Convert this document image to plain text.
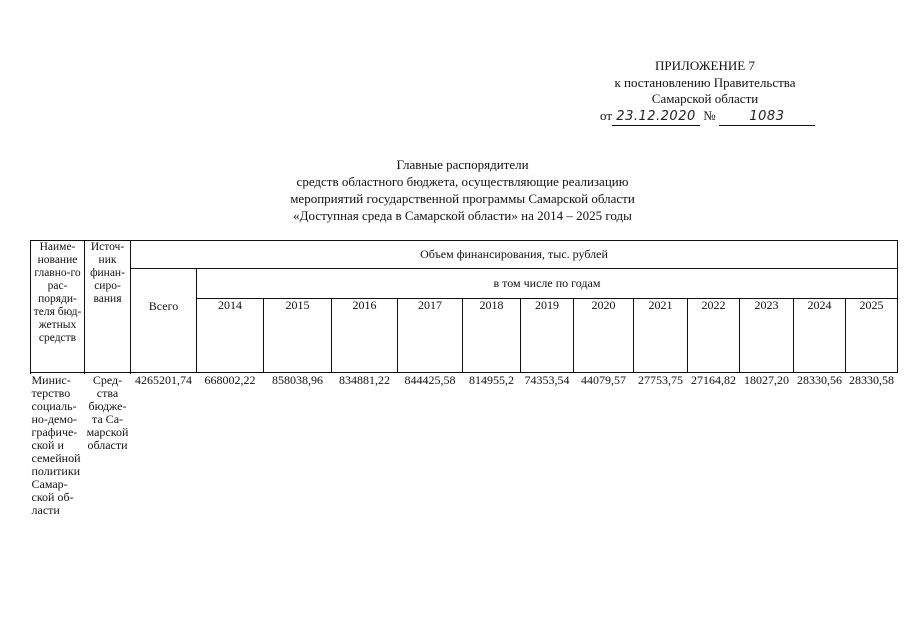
ПРИЛОЖЕНИЕ 7
к постановлению Правительства
Самарской области
от 23.12.2020 №	1083
Главные распорядители
средств областного бюджета, осуществляющие реализацию
мероприятий государственной программы Самарской области
«Доступная среда в Самарской области» на 2014 – 2025 годы
Наиме-нование главно-го рас-поряди-теля бюд-жетных средств	Источ-ник финан-сиро-вания	Объем финансирования, тыс. рублей												
		Всего	в том числе по годам											
			2014	2015	2016	2017	2018	2019	2020	2021	2022	2023	2024	2025

Минис-терство социаль-но-демо-графиче-ской и семейной политики Самар-ской об-ласти	Сред-ства бюдже-та Са-марской области	4265201,74	668002,22	858038,96	834881,22	844425,58	814955,2	74353,54	44079,57	27753,75	27164,82	18027,20	28330,56	28330,58
